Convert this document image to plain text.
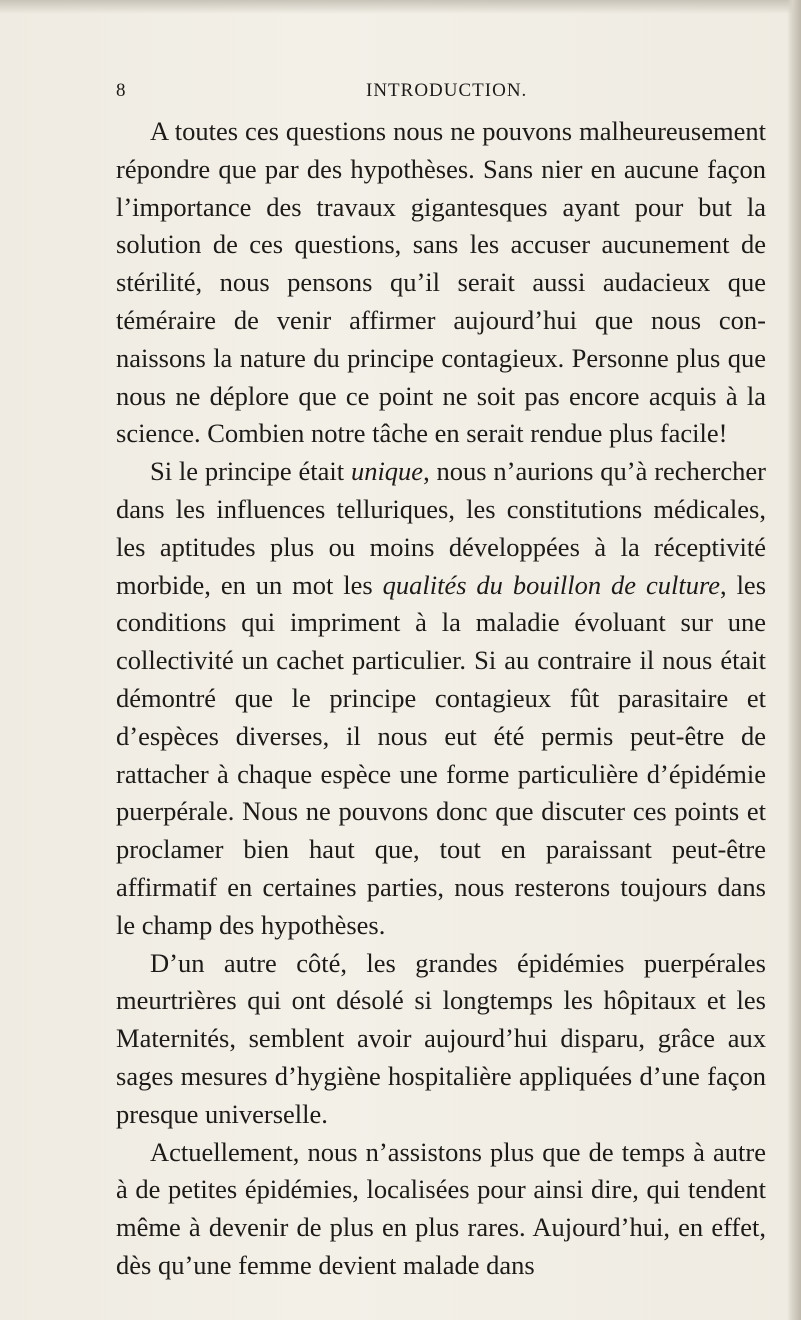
8	INTRODUCTION.

A toutes ces questions nous ne pouvons malheureusement répondre que par des hypothèses. Sans nier en aucune façon l’importance des travaux gigantesques ayant pour but la solution de ces questions, sans les accuser aucunement de stérilité, nous pensons qu’il serait aussi audacieux que téméraire de venir affirmer aujourd’hui que nous connaissons la nature du principe contagieux. Personne plus que nous ne déplore que ce point ne soit pas encore acquis à la science. Combien notre tâche en serait rendue plus facile!

Si le principe était unique, nous n’aurions qu’à rechercher dans les influences telluriques, les constitutions médicales, les aptitudes plus ou moins développées à la réceptivité morbide, en un mot les qualités du bouillon de culture, les conditions qui impriment à la maladie évoluant sur une collectivité un cachet particulier. Si au contraire il nous était démontré que le principe contagieux fût parasitaire et d’espèces diverses, il nous eut été permis peut-être de rattacher à chaque espèce une forme particulière d’épidémie puerpérale. Nous ne pouvons donc que discuter ces points et proclamer bien haut que, tout en paraissant peut-être affirmatif en certaines parties, nous resterons toujours dans le champ des hypothèses.

D’un autre côté, les grandes épidémies puerpérales meurtrières qui ont désolé si longtemps les hôpitaux et les Maternités, semblent avoir aujourd’hui disparu, grâce aux sages mesures d’hygiène hospitalière appliquées d’une façon presque universelle.

Actuellement, nous n’assistons plus que de temps à autre à de petites épidémies, localisées pour ainsi dire, qui tendent même à devenir de plus en plus rares. Aujourd’hui, en effet, dès qu’une femme devient malade dans
